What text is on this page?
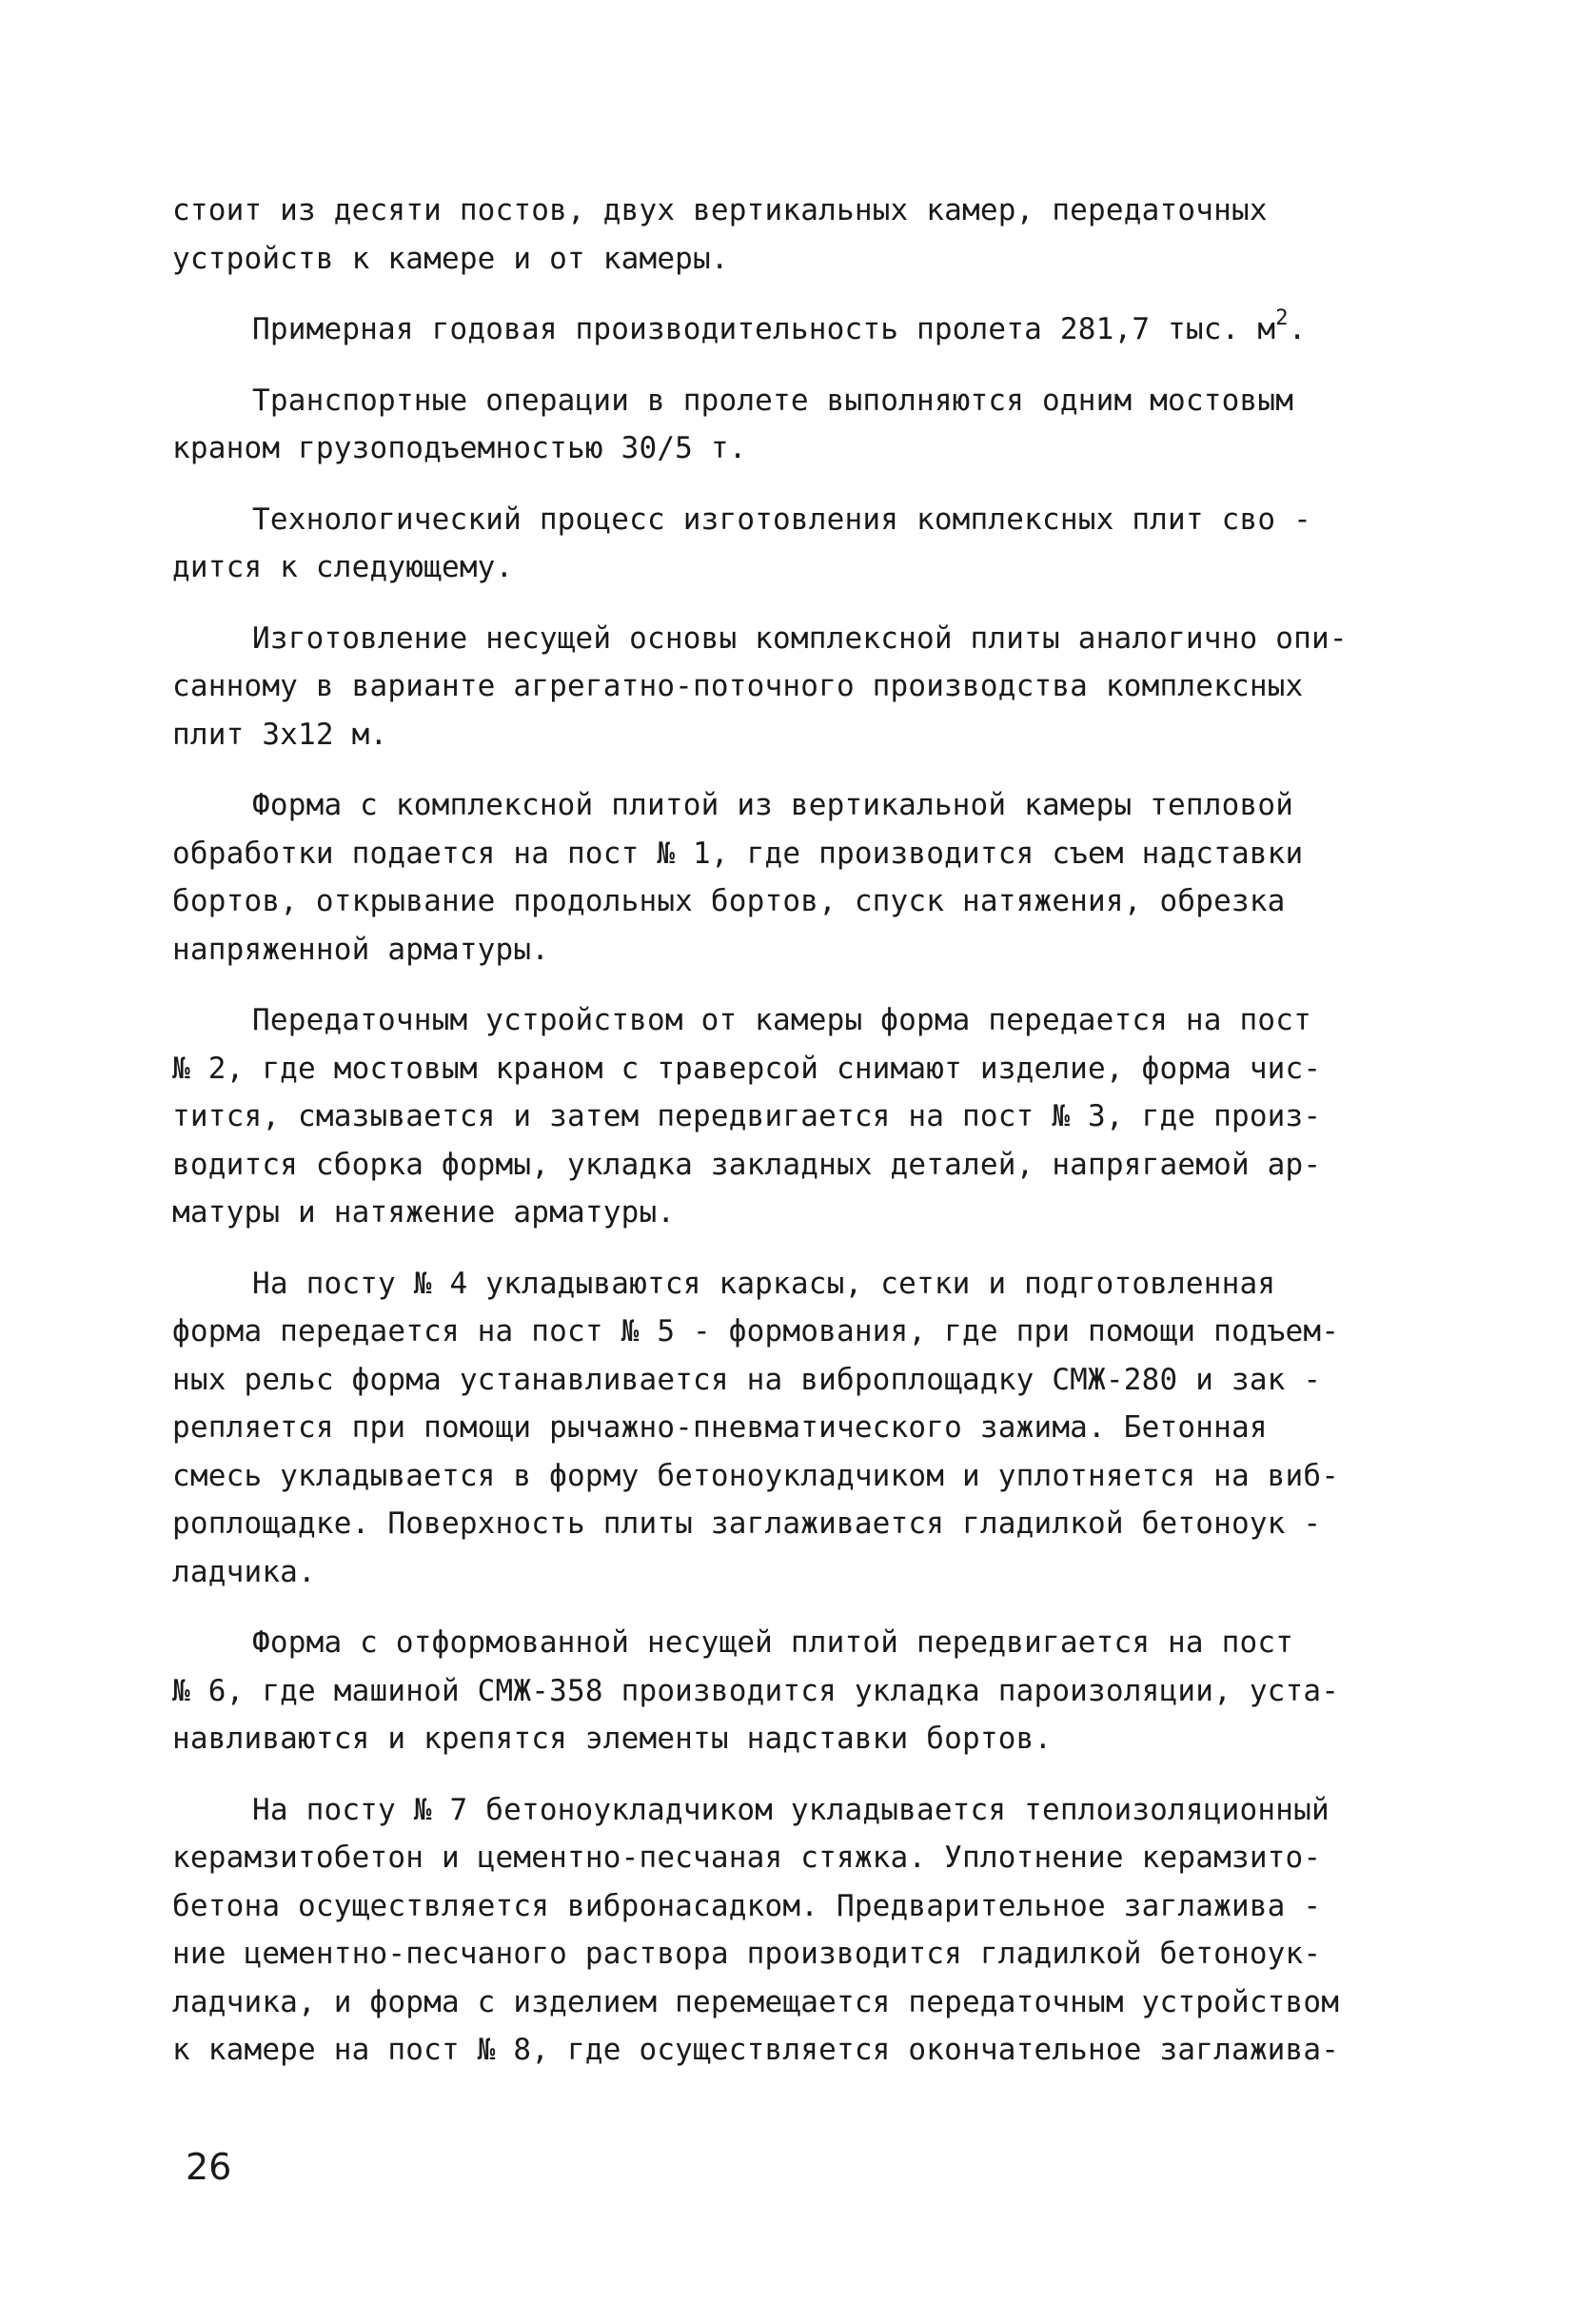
стоит из десяти постов, двух вертикальных камер, передаточных
устройств к камере и от камеры.

Примерная годовая производительность пролета 281,7 тыс. $м^2$.

Транспортные операции в пролете выполняются одним мостовым
краном грузоподъемностью 30/5 т.

Технологический процесс изготовления комплексных плит сво -
дится к следующему.

Изготовление несущей основы комплексной плиты аналогично опи-
санному в варианте агрегатно-поточного производства комплексных
плит 3х12 м.

Форма с комплексной плитой из вертикальной камеры тепловой
обработки подается на пост № 1, где производится съем надставки
бортов, открывание продольных бортов, спуск натяжения, обрезка
напряженной арматуры.

Передаточным устройством от камеры форма передается на пост
№ 2, где мостовым краном с траверсой снимают изделие, форма чис-
тится, смазывается и затем передвигается на пост № 3, где произ-
водится сборка формы, укладка закладных деталей, напрягаемой ар-
матуры и натяжение арматуры.

На посту № 4 укладываются каркасы, сетки и подготовленная
форма передается на пост № 5 - формования, где при помощи подъем-
ных рельс форма устанавливается на виброплощадку СМЖ-280 и зак -
репляется при помощи рычажно-пневматического зажима. Бетонная
смесь укладывается в форму бетоноукладчиком и уплотняется на виб-
роплощадке. Поверхность плиты заглаживается гладилкой бетоноук -
ладчика.

Форма с отформованной несущей плитой передвигается на пост
№ 6, где машиной СМЖ-358 производится укладка пароизоляции, уста-
навливаются и крепятся элементы надставки бортов.

На посту № 7 бетоноукладчиком укладывается теплоизоляционный
керамзитобетон и цементно-песчаная стяжка. Уплотнение керамзито-
бетона осуществляется вибронасадком. Предварительное заглажива -
ние цементно-песчаного раствора производится гладилкой бетоноук-
ладчика, и форма с изделием перемещается передаточным устройством
к камере на пост № 8, где осуществляется окончательное заглажива-

26
